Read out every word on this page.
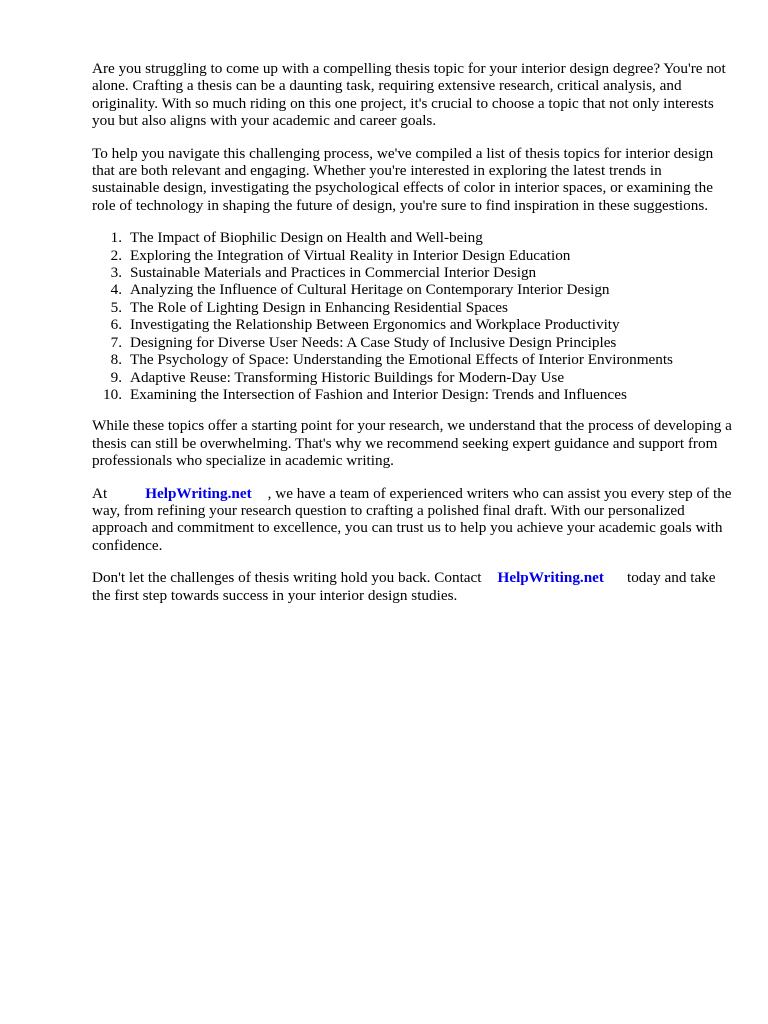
Are you struggling to come up with a compelling thesis topic for your interior design degree? You're not alone. Crafting a thesis can be a daunting task, requiring extensive research, critical analysis, and originality. With so much riding on this one project, it's crucial to choose a topic that not only interests you but also aligns with your academic and career goals.

To help you navigate this challenging process, we've compiled a list of thesis topics for interior design that are both relevant and engaging. Whether you're interested in exploring the latest trends in sustainable design, investigating the psychological effects of color in interior spaces, or examining the role of technology in shaping the future of design, you're sure to find inspiration in these suggestions.

1. The Impact of Biophilic Design on Health and Well-being
2. Exploring the Integration of Virtual Reality in Interior Design Education
3. Sustainable Materials and Practices in Commercial Interior Design
4. Analyzing the Influence of Cultural Heritage on Contemporary Interior Design
5. The Role of Lighting Design in Enhancing Residential Spaces
6. Investigating the Relationship Between Ergonomics and Workplace Productivity
7. Designing for Diverse User Needs: A Case Study of Inclusive Design Principles
8. The Psychology of Space: Understanding the Emotional Effects of Interior Environments
9. Adaptive Reuse: Transforming Historic Buildings for Modern-Day Use
10. Examining the Intersection of Fashion and Interior Design: Trends and Influences

While these topics offer a starting point for your research, we understand that the process of developing a thesis can still be overwhelming. That's why we recommend seeking expert guidance and support from professionals who specialize in academic writing.

At	HelpWriting.net , we have a team of experienced writers who can assist you every step of the way, from refining your research question to crafting a polished final draft. With our personalized approach and commitment to excellence, you can trust us to help you achieve your academic goals with confidence.

Don't let the challenges of thesis writing hold you back. Contact HelpWriting.net today and take the first step towards success in your interior design studies.
